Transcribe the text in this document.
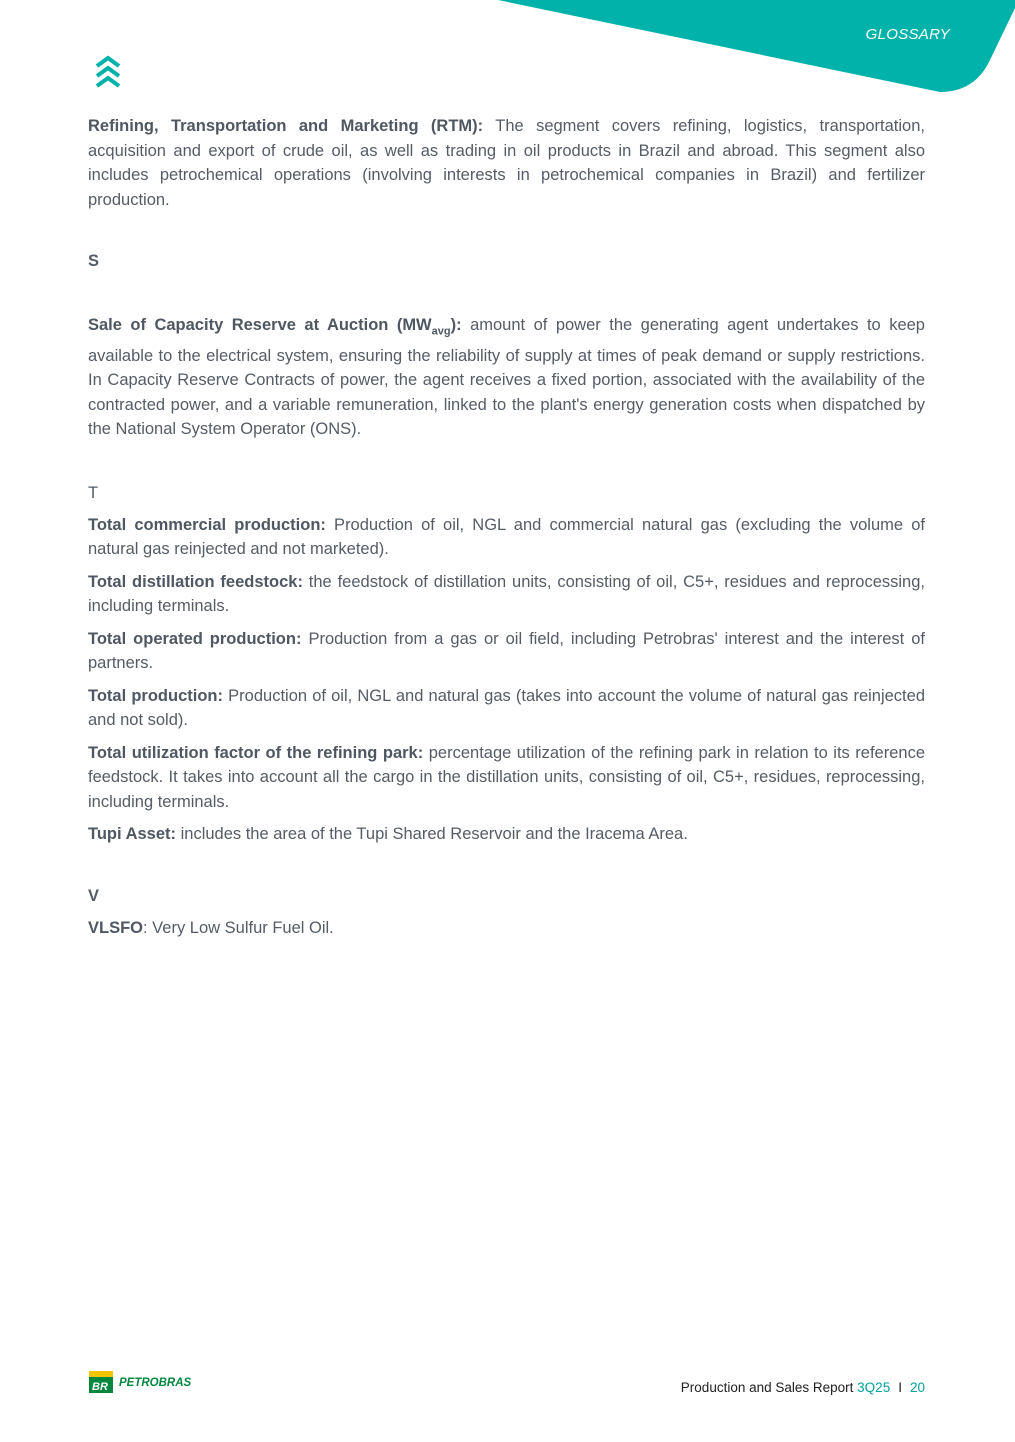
GLOSSARY

Refining, Transportation and Marketing (RTM): The segment covers refining, logistics, transportation, acquisition and export of crude oil, as well as trading in oil products in Brazil and abroad. This segment also includes petrochemical operations (involving interests in petrochemical companies in Brazil) and fertilizer production.

S

Sale of Capacity Reserve at Auction $(MW_{avg})$: amount of power the generating agent undertakes to keep available to the electrical system, ensuring the reliability of supply at times of peak demand or supply restrictions. In Capacity Reserve Contracts of power, the agent receives a fixed portion, associated with the availability of the contracted power, and a variable remuneration, linked to the plant's energy generation costs when dispatched by the National System Operator (ONS).

T

Total commercial production: Production of oil, NGL and commercial natural gas (excluding the volume of natural gas reinjected and not marketed).

Total distillation feedstock: the feedstock of distillation units, consisting of oil, C5+, residues and reprocessing, including terminals.

Total operated production: Production from a gas or oil field, including Petrobras' interest and the interest of partners.

Total production: Production of oil, NGL and natural gas (takes into account the volume of natural gas reinjected and not sold).

Total utilization factor of the refining park: percentage utilization of the refining park in relation to its reference feedstock. It takes into account all the cargo in the distillation units, consisting of oil, C5+, residues, reprocessing, including terminals.

Tupi Asset: includes the area of the Tupi Shared Reservoir and the Iracema Area.

V

VLSFO: Very Low Sulfur Fuel Oil.

BR PETROBRAS	Production and Sales Report 3Q25 I 20
